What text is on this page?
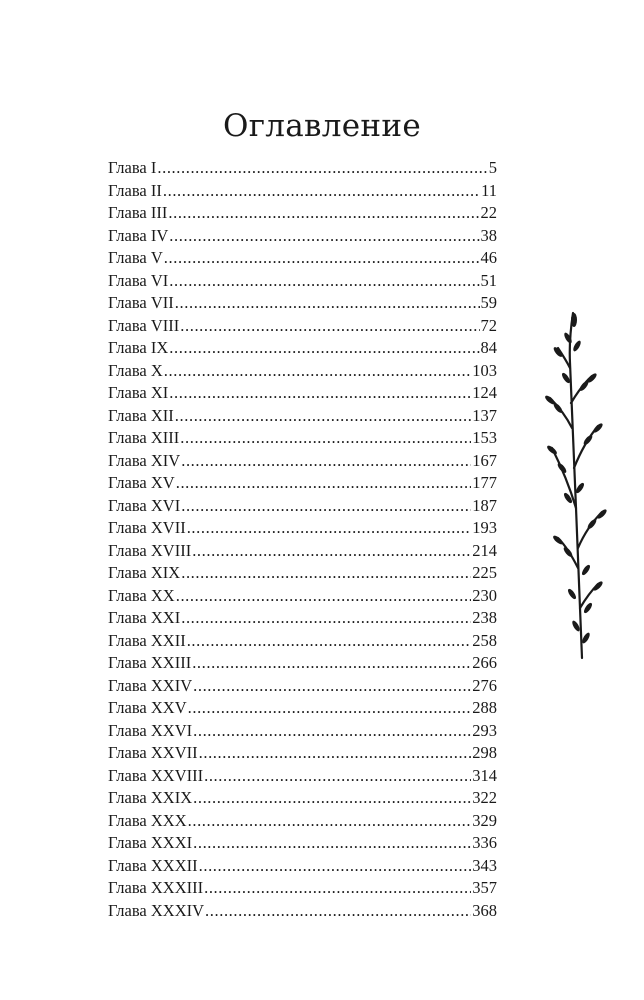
Оглавление
Глава I .....	5
Глава II .....	11
Глава III .....	22
Глава IV .....	38
Глава V .....	46
Глава VI .....	51
Глава VII .....	59
Глава VIII .....	72
Глава IX .....	84
Глава X .....	103
Глава XI .....	124
Глава XII .....	137
Глава XIII .....	153
Глава XIV .....	167
Глава XV .....	177
Глава XVI .....	187
Глава XVII .....	193
Глава XVIII .....	214
Глава XIX .....	225
Глава XX .....	230
Глава XXI .....	238
Глава XXII .....	258
Глава XXIII .....	266
Глава XXIV .....	276
Глава XXV .....	288
Глава XXVI .....	293
Глава XXVII .....	298
Глава XXVIII .....	314
Глава XXIX .....	322
Глава XXX .....	329
Глава XXXI .....	336
Глава XXXII .....	343
Глава XXXIII .....	357
Глава XXXIV .....	368
